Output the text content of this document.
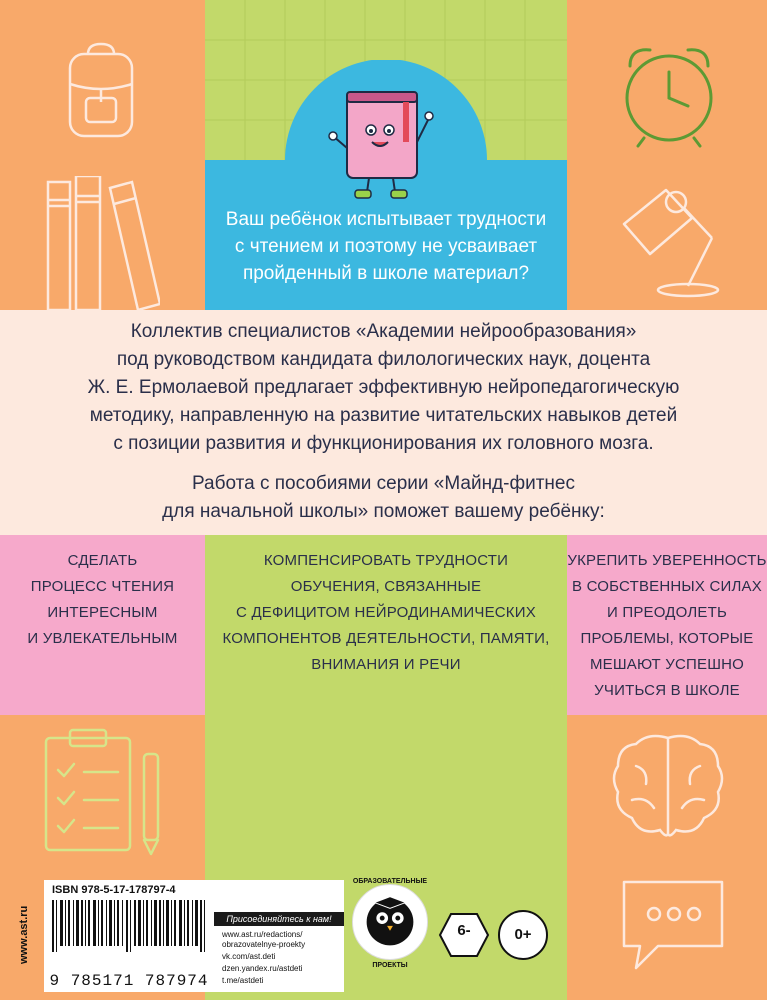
Ваш ребёнок испытывает трудности
с чтением и поэтому не усваивает
пройденный в школе материал?
Коллектив специалистов «Академии нейрообразования»
под руководством кандидата филологических наук, доцента
Ж. Е. Ермолаевой предлагает эффективную нейропедагогическую
методику, направленную на развитие читательских навыков детей
с позиции развития и функционирования их головного мозга.
Работа с пособиями серии «Майнд-фитнес
для начальной школы» поможет вашему ребёнку:
СДЕЛАТЬ
ПРОЦЕСС ЧТЕНИЯ
ИНТЕРЕСНЫМ
И УВЛЕКАТЕЛЬНЫМ
КОМПЕНСИРОВАТЬ ТРУДНОСТИ
ОБУЧЕНИЯ, СВЯЗАННЫЕ
С ДЕФИЦИТОМ НЕЙРОДИНАМИЧЕСКИХ
КОМПОНЕНТОВ ДЕЯТЕЛЬНОСТИ, ПАМЯТИ,
ВНИМАНИЯ И РЕЧИ
УКРЕПИТЬ УВЕРЕННОСТЬ
В СОБСТВЕННЫХ СИЛАХ
И ПРЕОДОЛЕТЬ
ПРОБЛЕМЫ, КОТОРЫЕ
МЕШАЮТ УСПЕШНО
УЧИТЬСЯ В ШКОЛЕ
www.ast.ru
ISBN 978-5-17-178797-4
9 785171 787974
Присоединяйтесь к нам!
www.ast.ru/redactions/
obrazovatelnye-proekty
vk.com/ast.deti
dzen.yandex.ru/astdeti
t.me/astdeti
ОБРАЗОВАТЕЛЬНЫЕ
ПРОЕКТЫ
6-	0+
